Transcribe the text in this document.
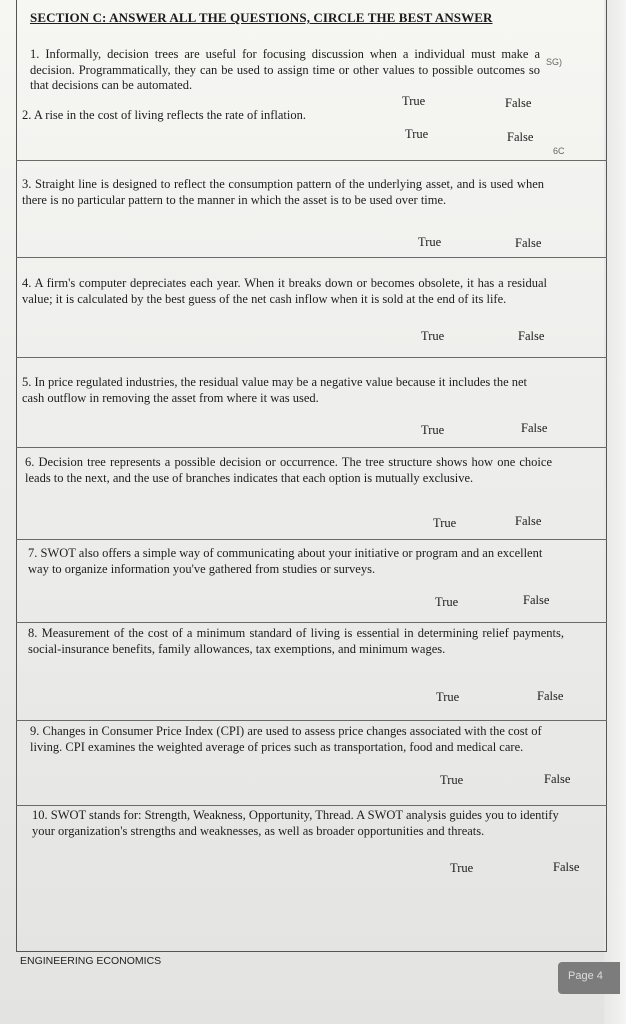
SECTION C: ANSWER ALL THE QUESTIONS, CIRCLE THE BEST ANSWER
1. Informally, decision trees are useful for focusing discussion when a individual must make a decision. Programmatically, they can be used to assign time or other values to possible outcomes so that decisions can be automated.
True	False
SG)
2. A rise in the cost of living reflects the rate of inflation.
True	False
6C
3. Straight line is designed to reflect the consumption pattern of the underlying asset, and is used when there is no particular pattern to the manner in which the asset is to be used over time.
True	False
4. A firm's computer depreciates each year. When it breaks down or becomes obsolete, it has a residual value; it is calculated by the best guess of the net cash inflow when it is sold at the end of its life.
True	False
5. In price regulated industries, the residual value may be a negative value because it includes the net cash outflow in removing the asset from where it was used.
True	False
6. Decision tree represents a possible decision or occurrence. The tree structure shows how one choice leads to the next, and the use of branches indicates that each option is mutually exclusive.
True	False
7. SWOT also offers a simple way of communicating about your initiative or program and an excellent way to organize information you've gathered from studies or surveys.
True	False
8. Measurement of the cost of a minimum standard of living is essential in determining relief payments, social-insurance benefits, family allowances, tax exemptions, and minimum wages.
True	False
9. Changes in Consumer Price Index (CPI) are used to assess price changes associated with the cost of living. CPI examines the weighted average of prices such as transportation, food and medical care.
True	False
10. SWOT stands for: Strength, Weakness, Opportunity, Thread. A SWOT analysis guides you to identify your organization's strengths and weaknesses, as well as broader opportunities and threats.
True	False
ENGINEERING ECONOMICS
Page 4
